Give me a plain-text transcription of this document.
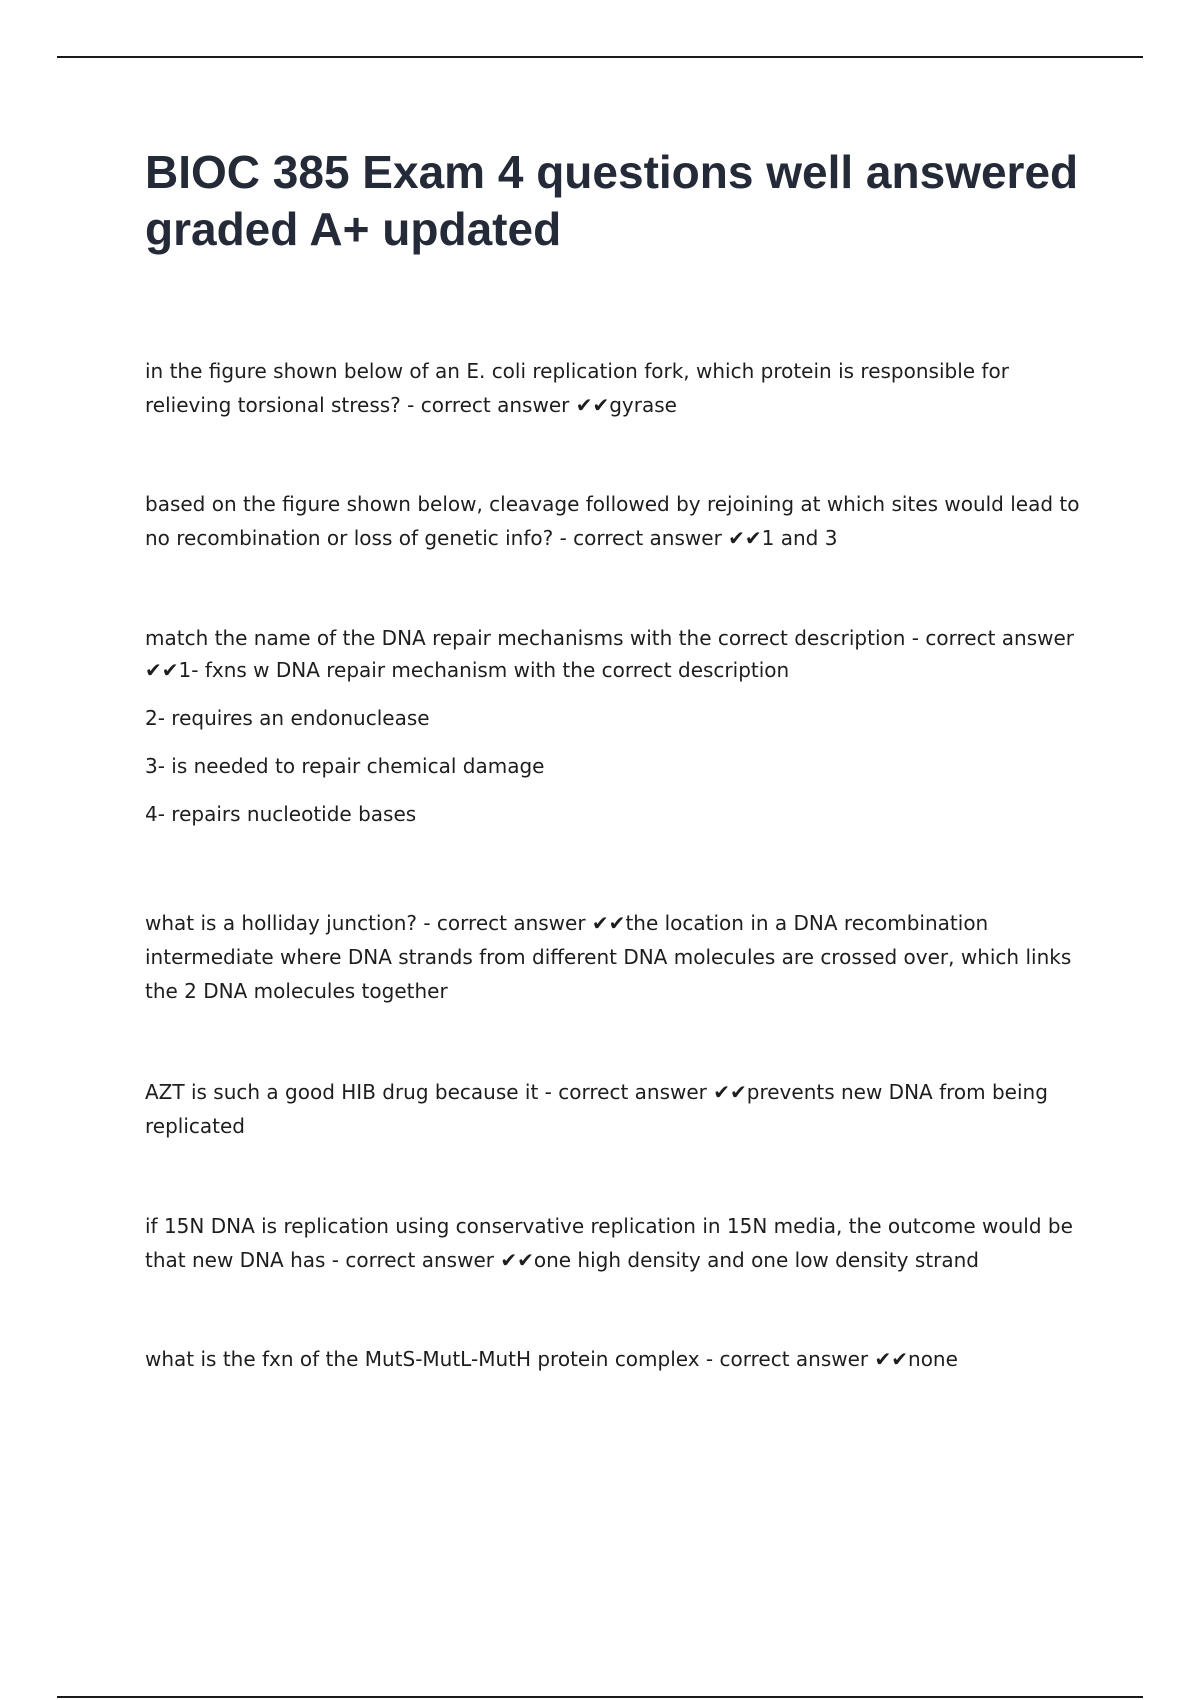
BIOC 385 Exam 4 questions well answered graded A+ updated

in the figure shown below of an E. coli replication fork, which protein is responsible for relieving torsional stress? - correct answer ✔✔gyrase

based on the figure shown below, cleavage followed by rejoining at which sites would lead to no recombination or loss of genetic info? - correct answer ✔✔1 and 3

match the name of the DNA repair mechanisms with the correct description - correct answer ✔✔1- fxns w DNA repair mechanism with the correct description

2- requires an endonuclease

3- is needed to repair chemical damage

4- repairs nucleotide bases

what is a holliday junction? - correct answer ✔✔the location in a DNA recombination intermediate where DNA strands from different DNA molecules are crossed over, which links the 2 DNA molecules together

AZT is such a good HIB drug because it - correct answer ✔✔prevents new DNA from being replicated

if 15N DNA is replication using conservative replication in 15N media, the outcome would be that new DNA has - correct answer ✔✔one high density and one low density strand

what is the fxn of the MutS-MutL-MutH protein complex - correct answer ✔✔none
